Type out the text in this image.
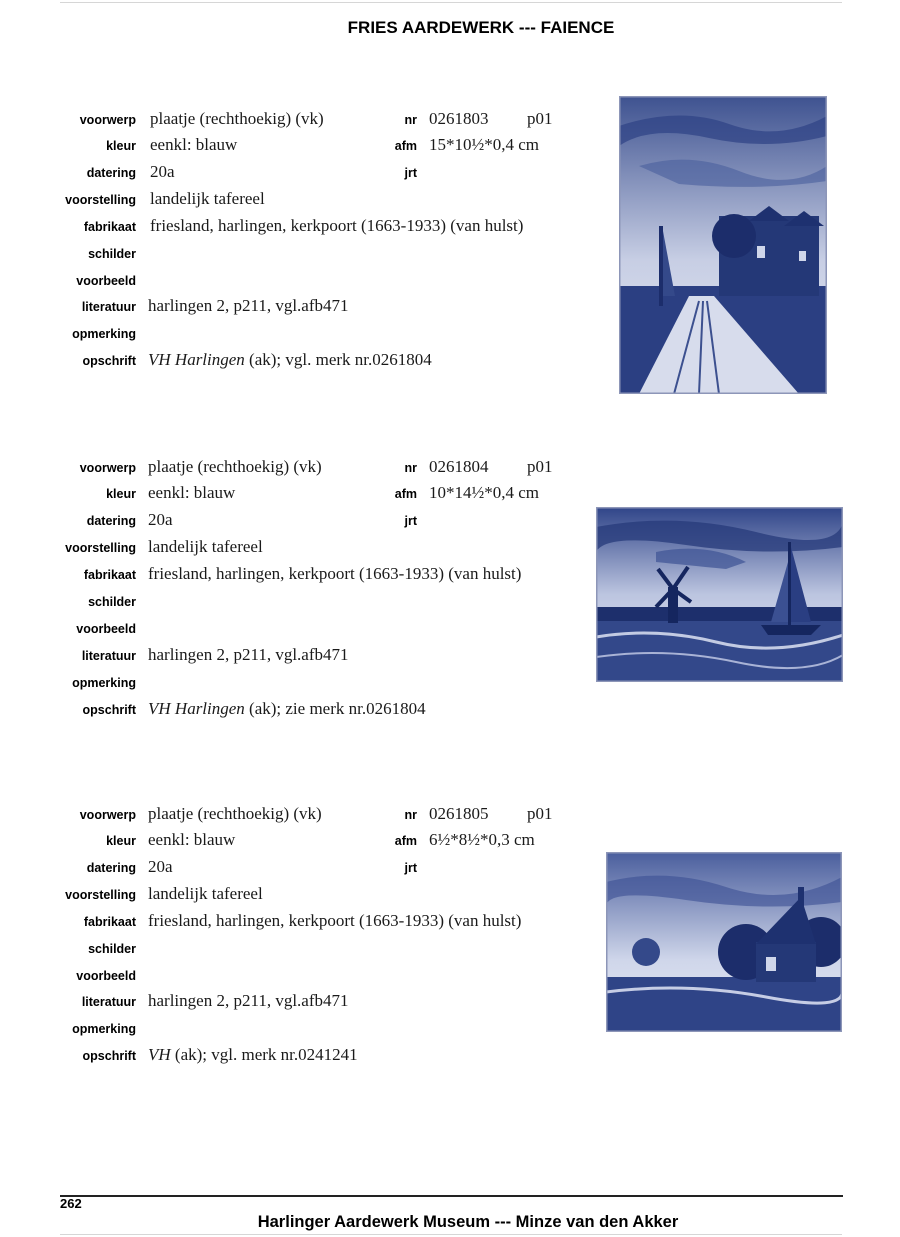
FRIES AARDEWERK --- FAIENCE
voorwerp plaatje (rechthoekig) (vk)	nr 0261803 p01
kleur eenkl: blauw	afm 15*10½*0,4 cm
datering 20a	jrt
voorstelling landelijk tafereel
fabrikaat friesland, harlingen, kerkpoort (1663-1933) (van hulst)
schilder
voorbeeld
literatuur harlingen 2, p211, vgl.afb471
opmerking
opschrift VH Harlingen (ak); vgl. merk nr.0261804
voorwerp plaatje (rechthoekig) (vk)	nr 0261804 p01
kleur eenkl: blauw	afm 10*14½*0,4 cm
datering 20a	jrt
voorstelling landelijk tafereel
fabrikaat friesland, harlingen, kerkpoort (1663-1933) (van hulst)
schilder
voorbeeld
literatuur harlingen 2, p211, vgl.afb471
opmerking
opschrift VH Harlingen (ak); zie merk nr.0261804
voorwerp plaatje (rechthoekig) (vk)	nr 0261805 p01
kleur eenkl: blauw	afm 6½*8½*0,3 cm
datering 20a	jrt
voorstelling landelijk tafereel
fabrikaat friesland, harlingen, kerkpoort (1663-1933) (van hulst)
schilder
voorbeeld
literatuur harlingen 2, p211, vgl.afb471
opmerking
opschrift VH (ak); vgl. merk nr.0241241
262
Harlinger Aardewerk Museum --- Minze van den Akker
